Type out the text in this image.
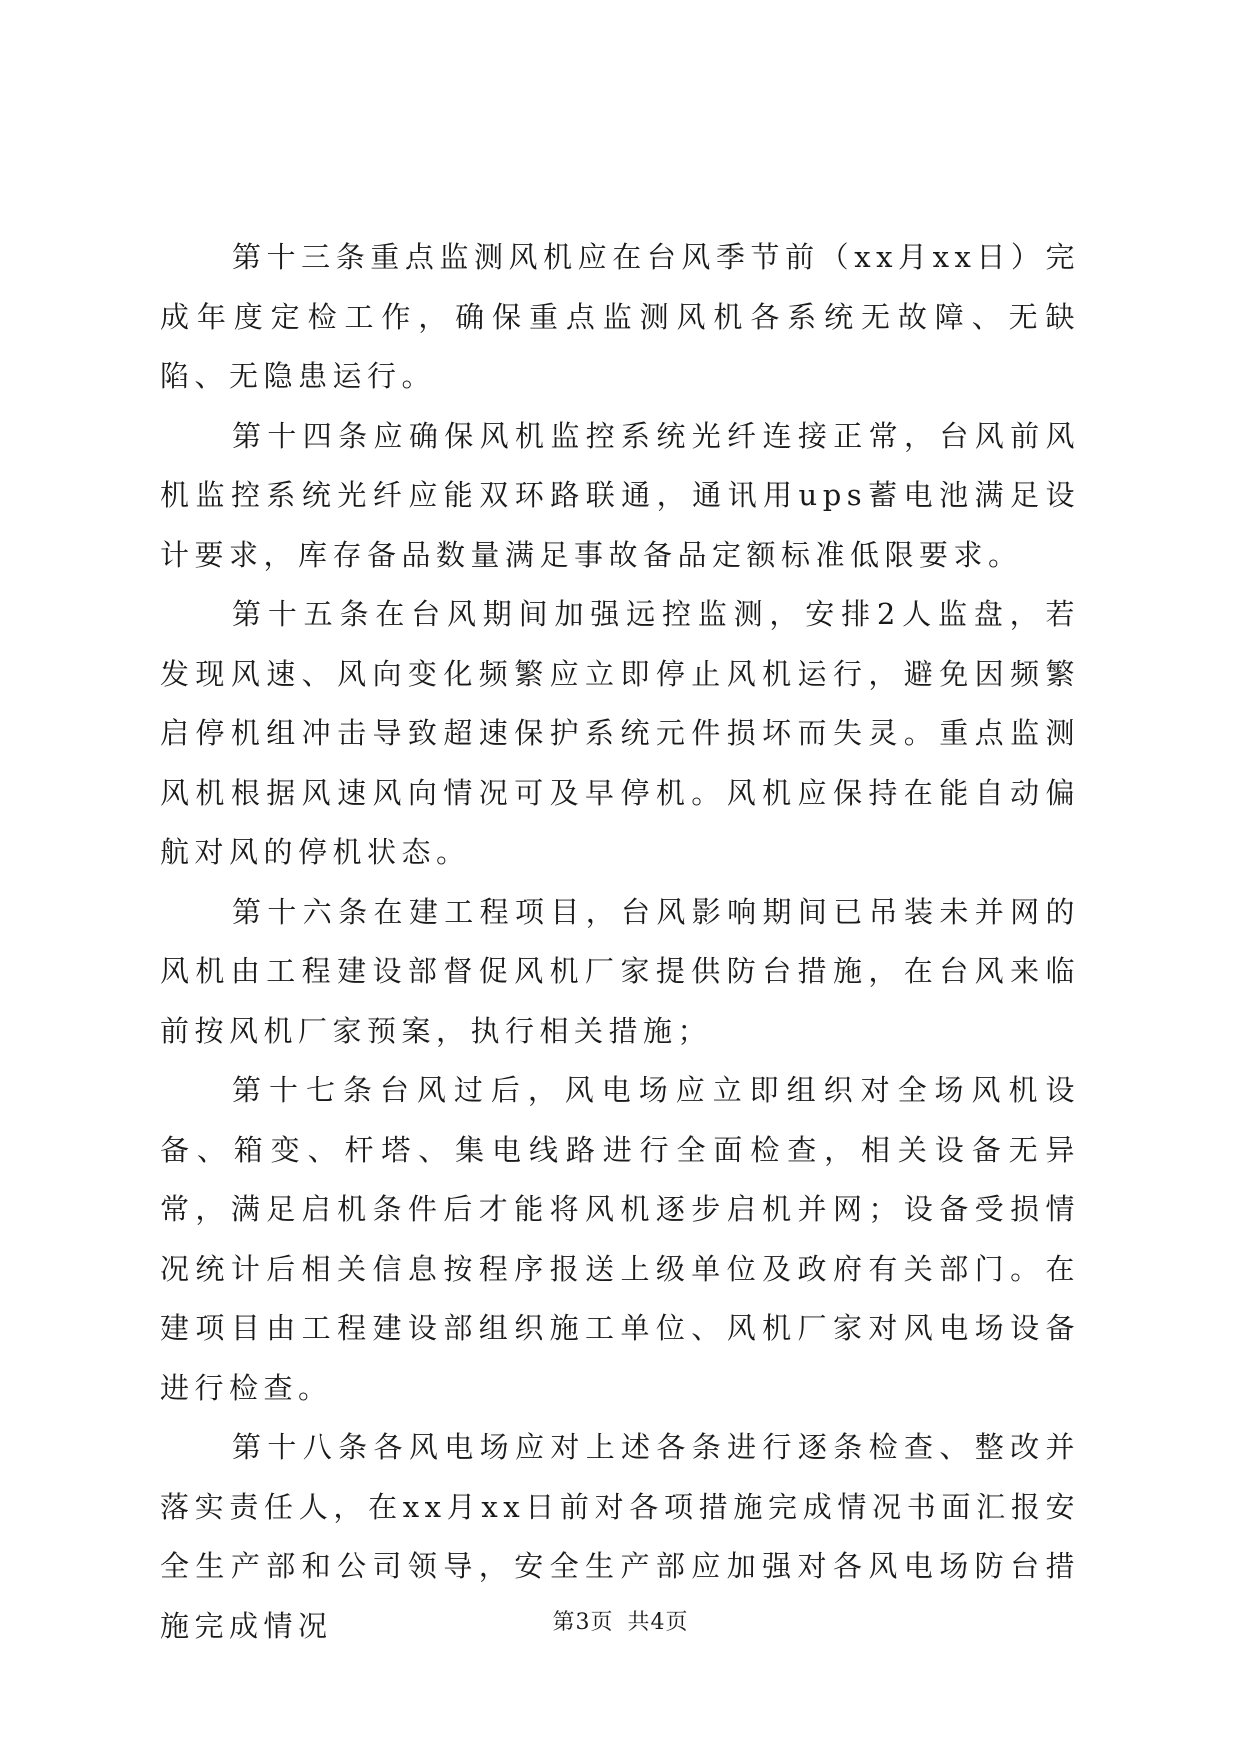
第十三条重点监测风机应在台风季节前（xx月xx日）完成年度定检工作，确保重点监测风机各系统无故障、无缺陷、无隐患运行。

第十四条应确保风机监控系统光纤连接正常，台风前风机监控系统光纤应能双环路联通，通讯用ups蓄电池满足设计要求，库存备品数量满足事故备品定额标准低限要求。

第十五条在台风期间加强远控监测，安排2人监盘，若发现风速、风向变化频繁应立即停止风机运行，避免因频繁启停机组冲击导致超速保护系统元件损坏而失灵。重点监测风机根据风速风向情况可及早停机。风机应保持在能自动偏航对风的停机状态。

第十六条在建工程项目，台风影响期间已吊装未并网的风机由工程建设部督促风机厂家提供防台措施，在台风来临前按风机厂家预案，执行相关措施；

第十七条台风过后，风电场应立即组织对全场风机设备、箱变、杆塔、集电线路进行全面检查，相关设备无异常，满足启机条件后才能将风机逐步启机并网；设备受损情况统计后相关信息按程序报送上级单位及政府有关部门。在建项目由工程建设部组织施工单位、风机厂家对风电场设备进行检查。

第十八条各风电场应对上述各条进行逐条检查、整改并落实责任人，在xx月xx日前对各项措施完成情况书面汇报安全生产部和公司领导，安全生产部应加强对各风电场防台措施完成情况	第3页 共4页
